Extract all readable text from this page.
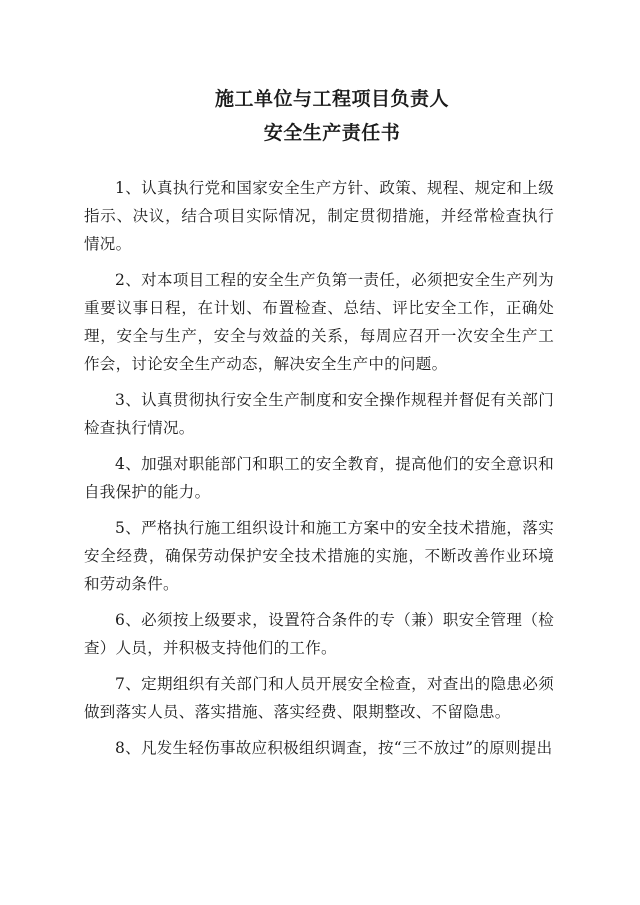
施工单位与工程项目负责人
安全生产责任书

1、认真执行党和国家安全生产方针、政策、规程、规定和上级指示、决议，结合项目实际情况，制定贯彻措施，并经常检查执行情况。

2、对本项目工程的安全生产负第一责任，必须把安全生产列为重要议事日程，在计划、布置检查、总结、评比安全工作，正确处理，安全与生产，安全与效益的关系，每周应召开一次安全生产工作会，讨论安全生产动态，解决安全生产中的问题。

3、认真贯彻执行安全生产制度和安全操作规程并督促有关部门检查执行情况。

4、加强对职能部门和职工的安全教育，提高他们的安全意识和自我保护的能力。

5、严格执行施工组织设计和施工方案中的安全技术措施，落实安全经费，确保劳动保护安全技术措施的实施，不断改善作业环境和劳动条件。

6、必须按上级要求，设置符合条件的专（兼）职安全管理（检查）人员，并积极支持他们的工作。

7、定期组织有关部门和人员开展安全检查，对查出的隐患必须做到落实人员、落实措施、落实经费、限期整改、不留隐患。

8、凡发生轻伤事故应积极组织调查，按“三不放过”的原则提出
